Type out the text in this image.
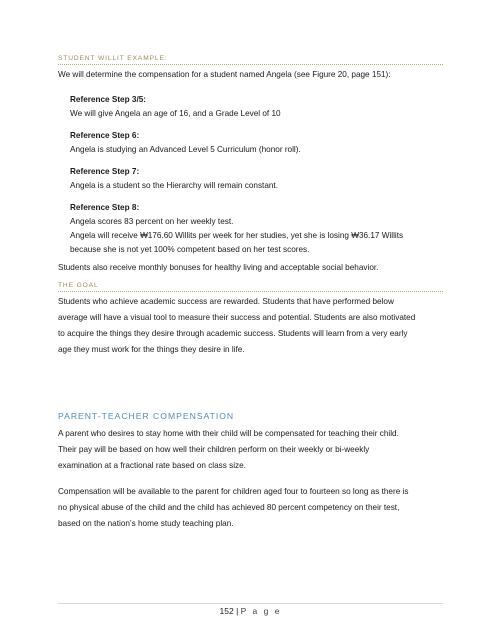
STUDENT WILLIT EXAMPLE:
We will determine the compensation for a student named Angela (see Figure 20, page 151):
Reference Step 3/5:
We will give Angela an age of 16, and a Grade Level of 10
Reference Step 6:
Angela is studying an Advanced Level 5 Curriculum (honor roll).
Reference Step 7:
Angela is a student so the Hierarchy will remain constant.
Reference Step 8:
Angela scores 83 percent on her weekly test.
Angela will receive ₩176.60 Willits per week for her studies, yet she is losing ₩36.17 Willits
because she is not yet 100% competent based on her test scores.
Students also receive monthly bonuses for healthy living and acceptable social behavior.
THE GOAL
Students who achieve academic success are rewarded. Students that have performed below
average will have a visual tool to measure their success and potential. Students are also motivated
to acquire the things they desire through academic success. Students will learn from a very early
age they must work for the things they desire in life.
PARENT-TEACHER COMPENSATION
A parent who desires to stay home with their child will be compensated for teaching their child.
Their pay will be based on how well their children perform on their weekly or bi-weekly
examination at a fractional rate based on class size.
Compensation will be available to the parent for children aged four to fourteen so long as there is
no physical abuse of the child and the child has achieved 80 percent competency on their test,
based on the nation’s home study teaching plan.
152 | P a g e
